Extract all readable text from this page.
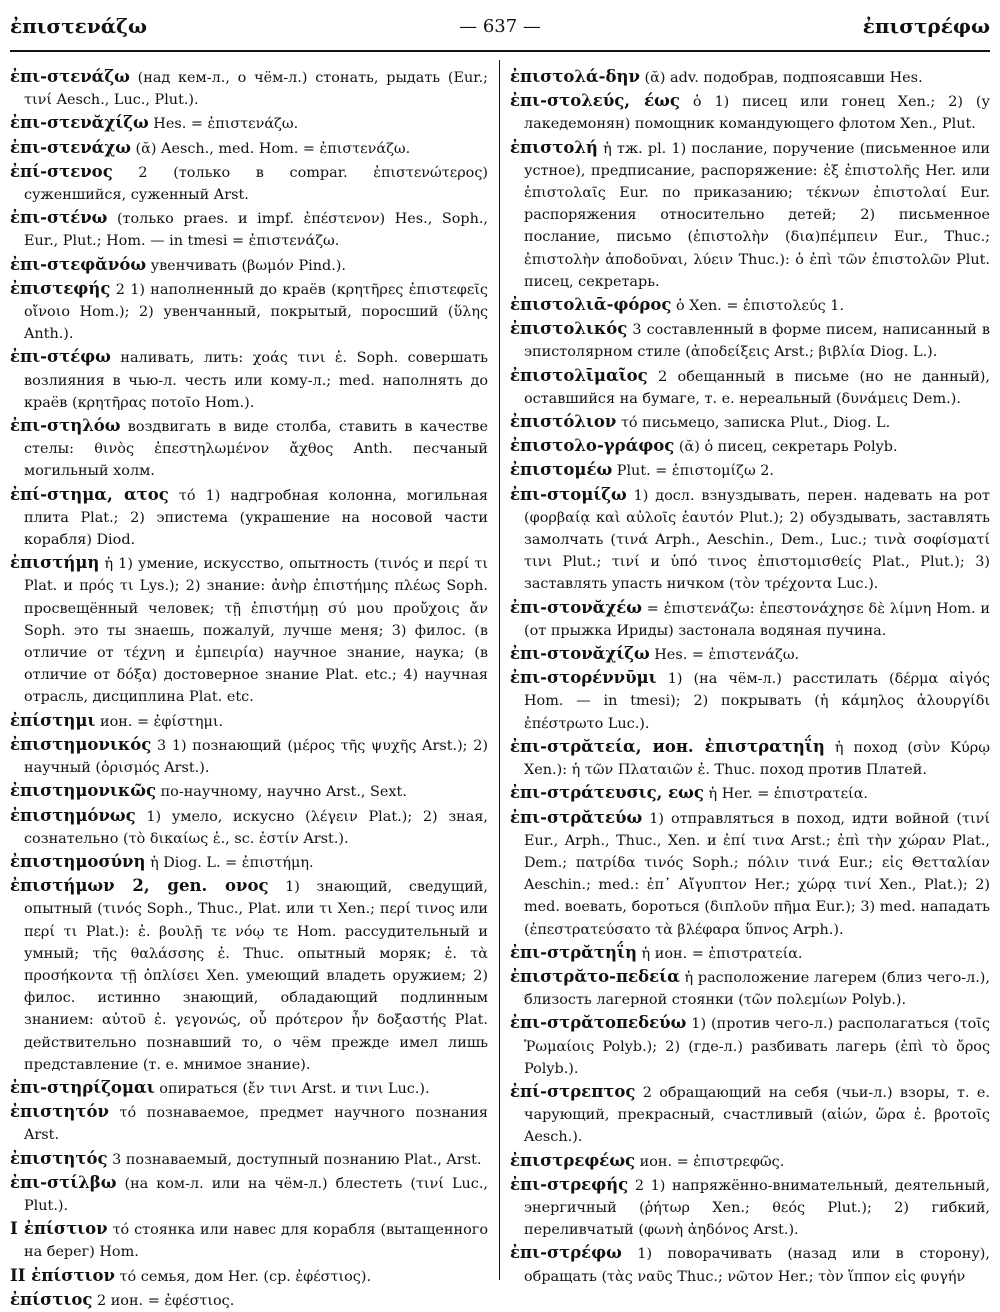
ἐπιστενάζω	— 637 —	ἐπιστρέφω

ἐπι-στενάζω (над кем-л., о чём-л.) стонать, рыдать (Eur.; τινί Aesch., Luc., Plut.).

ἐπι-στενᾰχίζω Hes. = ἐπιστενάζω.

ἐπι-στενάχω (ᾰ) Aesch., med. Hom. = ἐπιστενάζω.

ἐπί-στενος 2 (только в compar. ἐπιστενώτερος) суженшийся, суженный Arst.

ἐπι-στένω (только praes. и impf. ἐπέστενον) Hes., Soph., Eur., Plut.; Hom. — in tmesi = ἐπιστενάζω.

ἐπι-στεφᾰνόω увенчивать (βωμόν Pind.).

ἐπιστεφής 2 1) наполненный до краёв (κρητῆρες ἐπιστεφεῖς οἴνοιο Hom.); 2) увенчанный, покрытый, поросший (ὕλης Anth.).

ἐπι-στέφω наливать, лить: χοάς τινι ἐ. Soph. совершать возлияния в чью-л. честь или кому-л.; med. наполнять до краёв (κρητῆρας ποτοῖο Hom.).

ἐπι-στηλόω воздвигать в виде столба, ставить в качестве стелы: θινὸς ἐπεστηλωμένον ἄχθος Anth. песчаный могильный холм.

ἐπί-στημα, ατος τό 1) надгробная колонна, могильная плита Plat.; 2) эпистема (украшение на носовой части корабля) Diod.

ἐπιστήμη ἡ 1) умение, искусство, опытность (τινός и περί τι Plat. и πρός τι Lys.); 2) знание: ἀνὴρ ἐπιστήμης πλέως Soph. просвещённый человек; τῇ ἐπιστήμῃ σύ μου προὔχοις ἄν Soph. это ты знаешь, пожалуй, лучше меня; 3) филос. (в отличие от τέχνη и ἐμπειρία) научное знание, наука; (в отличие от δόξα) достоверное знание Plat. etc.; 4) научная отрасль, дисциплина Plat. etc.

ἐπίστημι ион. = ἐφίστημι.

ἐπιστημονικός 3 1) познающий (μέρος τῆς ψυχῆς Arst.); 2) научный (ὁρισμός Arst.).

ἐπιστημονικῶς по-научному, научно Arst., Sext.

ἐπιστημόνως 1) умело, искусно (λέγειν Plat.); 2) зная, сознательно (τὸ δικαίως ἐ., sc. ἐστίν Arst.).

ἐπιστημοσύνη ἡ Diog. L. = ἐπιστήμη.

ἐπιστήμων 2, gen. ονος 1) знающий, сведущий, опытный (τινός Soph., Thuc., Plat. или τι Xen.; περί τινος или περί τι Plat.): ἐ. βουλῇ τε νόῳ τε Hom. рассудительный и умный; τῆς θαλάσσης ἐ. Thuc. опытный моряк; ἐ. τὰ προσήκοντα τῇ ὁπλίσει Xen. умеющий владеть оружием; 2) филос. истинно знающий, обладающий подлинным знанием: αὐτοῦ ἐ. γεγονώς, οὗ πρότερον ἦν δοξαστής Plat. действительно познавший то, о чём прежде имел лишь представление (т. е. мнимое знание).

ἐπι-στηρίζομαι опираться (ἔν τινι Arst. и τινι Luc.).

ἐπιστητόν τό познаваемое, предмет научного познания Arst.

ἐπιστητός 3 познаваемый, доступный познанию Plat., Arst.

ἐπι-στίλβω (на ком-л. или на чём-л.) блестеть (τινί Luc., Plut.).

I ἐπίστιον τό стоянка или навес для корабля (вытащенного на берег) Hom.

II ἐπίστιον τό семья, дом Her. (ср. ἐφέστιος).

ἐπίστιος 2 ион. = ἐφέστιος.

ἐπιστολά-δην (ᾰ) adv. подобрав, подпоясавши Hes.

ἐπι-στολεύς, έως ὁ 1) писец или гонец Xen.; 2) (у лакедемонян) помощник командующего флотом Xen., Plut.

ἐπιστολή ἡ тж. pl. 1) послание, поручение (письменное или устное), предписание, распоряжение: ἐξ ἐπιστολῆς Her. или ἐπιστολαῖς Eur. по приказанию; τέκνων ἐπιστολαί Eur. распоряжения относительно детей; 2) письменное послание, письмо (ἐπιστολὴν (δια)πέμπειν Eur., Thuc.; ἐπιστολὴν ἀποδοῦναι, λύειν Thuc.): ὁ ἐπὶ τῶν ἐπιστολῶν Plut. писец, секретарь.

ἐπιστολιᾱ-φόρος ὁ Xen. = ἐπιστολεύς 1.

ἐπιστολικός 3 составленный в форме писем, написанный в эпистолярном стиле (ἀποδείξεις Arst.; βιβλία Diog. L.).

ἐπιστολῑμαῖος 2 обещанный в письме (но не данный), оставшийся на бумаге, т. е. нереальный (δυνάμεις Dem.).

ἐπιστόλιον τό письмецо, записка Plut., Diog. L.

ἐπιστολο-γράφος (ᾰ) ὁ писец, секретарь Polyb.

ἐπιστομέω Plut. = ἐπιστομίζω 2.

ἐπι-στομίζω 1) досл. взнуздывать, перен. надевать на рот (φορβαίᾳ καὶ αὐλοῖς ἑαυτόν Plut.); 2) обуздывать, заставлять замолчать (τινά Arph., Aeschin., Dem., Luc.; τινὰ σοφίσματί τινι Plut.; τινί и ὑπό τινος ἐπιστομισθείς Plat., Plut.); 3) заставлять упасть ничком (τὸν τρέχοντα Luc.).

ἐπι-στονᾰχέω = ἐπιστενάζω: ἐπεστονάχησε δὲ λίμνη Hom. и (от прыжка Ириды) застонала водяная пучина.

ἐπι-στονᾰχίζω Hes. = ἐπιστενάζω.

ἐπι-στορέννῡμι 1) (на чём-л.) расстилать (δέρμα αἰγός Hom. — in tmesi); 2) покрывать (ἡ κάμηλος ἁλουργίδι ἐπέστρωτο Luc.).

ἐπι-στρᾰτεία, ион. ἐπιστρατηΐη ἡ поход (σὺν Κύρῳ Xen.): ἡ τῶν Πλαταιῶν ἐ. Thuc. поход против Платей.

ἐπι-στράτευσις, εως ἡ Her. = ἐπιστρατεία.

ἐπι-στρᾰτεύω 1) отправляться в поход, идти войной (τινί Eur., Arph., Thuc., Xen. и ἐπί τινα Arst.; ἐπὶ τὴν χώραν Plat., Dem.; πατρίδα τινός Soph.; πόλιν τινά Eur.; εἰς Θετταλίαν Aeschin.; med.: ἐπ᾽ Αἴγυπτον Her.; χώρᾳ τινί Xen., Plat.); 2) med. воевать, бороться (διπλοῦν πῆμα Eur.); 3) med. нападать (ἐπεστρατεύσατο τὰ βλέφαρα ὕπνος Arph.).

ἐπι-στρᾰτηΐη ἡ ион. = ἐπιστρατεία.

ἐπιστρᾰτο-πεδεία ἡ расположение лагерем (близ чего-л.), близость лагерной стоянки (τῶν πολεμίων Polyb.).

ἐπι-στρᾰτοπεδεύω 1) (против чего-л.) располагаться (τοῖς Ῥωμαίοις Polyb.); 2) (где-л.) разбивать лагерь (ἐπὶ τὸ ὄρος Polyb.).

ἐπί-στρεπτος 2 обращающий на себя (чьи-л.) взоры, т. е. чарующий, прекрасный, счастливый (αἰών, ὥρα ἐ. βροτοῖς Aesch.).

ἐπιστρεφέως ион. = ἐπιστρεφῶς.

ἐπι-στρεφής 2 1) напряжённо-внимательный, деятельный, энергичный (ῥήτωρ Xen.; θεός Plut.); 2) гибкий, переливчатый (φωνὴ ἀηδόνος Arst.).

ἐπι-στρέφω 1) поворачивать (назад или в сторону), обращать (τὰς ναῦς Thuc.; νῶτον Her.; τὸν ἵππον εἰς φυγήν
